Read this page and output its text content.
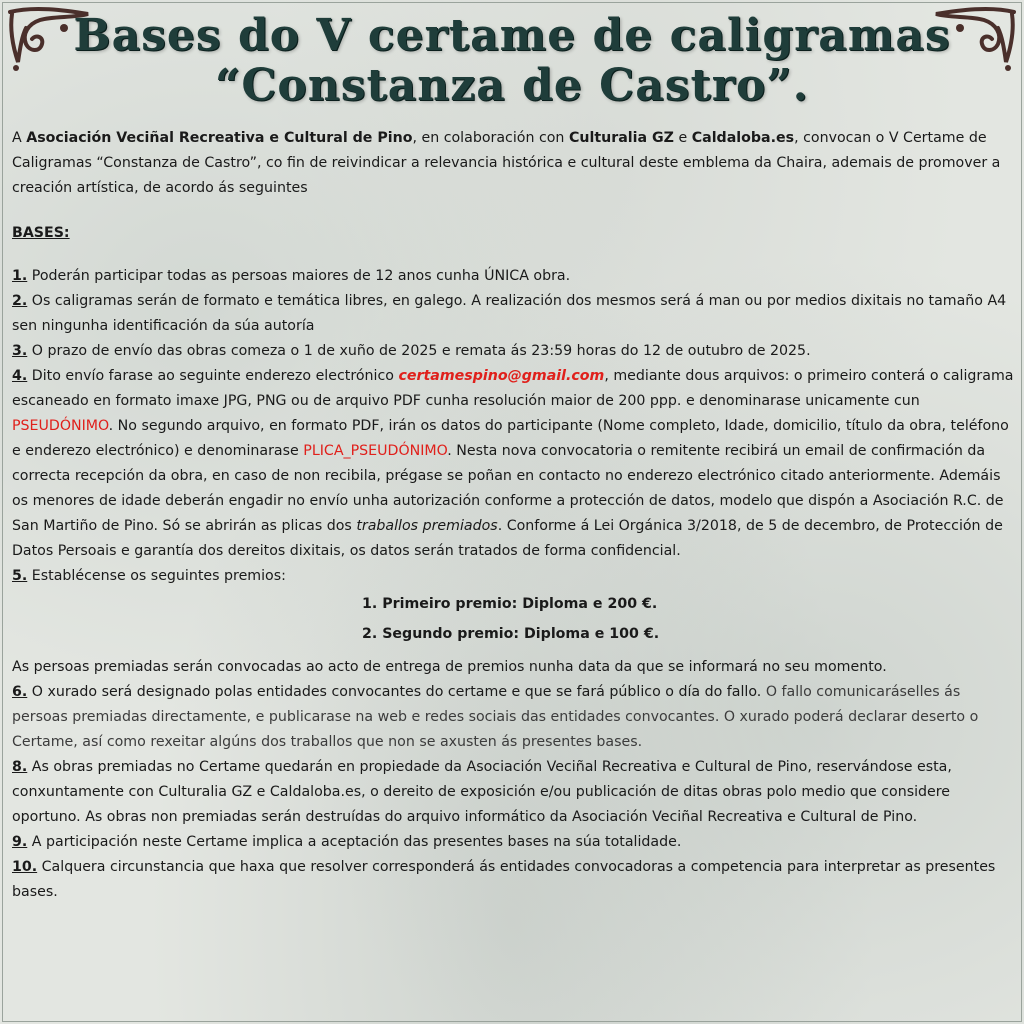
Bases do V certame de caligramas
“Constanza de Castro”.

A Asociación Veciñal Recreativa e Cultural de Pino, en colaboración con Culturalia GZ e Caldaloba.es, convocan o V Certame de Caligramas “Constanza de Castro”, co fin de reivindicar a relevancia histórica e cultural deste emblema da Chaira, ademais de promover a creación artística, de acordo ás seguintes

BASES:

1. Poderán participar todas as persoas maiores de 12 anos cunha ÚNICA obra.

2. Os caligramas serán de formato e temática libres, en galego. A realización dos mesmos será á man ou por medios dixitais no tamaño A4 sen ningunha identificación da súa autoría

3. O prazo de envío das obras comeza o 1 de xuño de 2025 e remata ás 23:59 horas do 12 de outubro de 2025.

4. Dito envío farase ao seguinte enderezo electrónico certamespino@gmail.com, mediante dous arquivos: o primeiro conterá o caligrama escaneado en formato imaxe JPG, PNG ou de arquivo PDF cunha resolución maior de 200 ppp. e denominarase unicamente cun PSEUDÓNIMO. No segundo arquivo, en formato PDF, irán os datos do participante (Nome completo, Idade, domicilio, título da obra, teléfono e enderezo electrónico) e denominarase PLICA_PSEUDÓNIMO. Nesta nova convocatoria o remitente recibirá un email de confirmación da correcta recepción da obra, en caso de non recibila, prégase se poñan en contacto no enderezo electrónico citado anteriormente. Ademáis os menores de idade deberán engadir no envío unha autorización conforme a protección de datos, modelo que dispón a Asociación R.C. de San Martiño de Pino. Só se abrirán as plicas dos traballos premiados. Conforme á Lei Orgánica 3/2018, de 5 de decembro, de Protección de Datos Persoais e garantía dos dereitos dixitais, os datos serán tratados de forma confidencial.

5. Establécense os seguintes premios:

1. Primeiro premio: Diploma e 200 €.

2. Segundo premio: Diploma e 100 €.

As persoas premiadas serán convocadas ao acto de entrega de premios nunha data da que se informará no seu momento.

6. O xurado será designado polas entidades convocantes do certame e que se fará público o día do fallo. O fallo comunicaráselles ás persoas premiadas directamente, e publicarase na web e redes sociais das entidades convocantes. O xurado poderá declarar deserto o Certame, así como rexeitar algúns dos traballos que non se axusten ás presentes bases.

8. As obras premiadas no Certame quedarán en propiedade da Asociación Veciñal Recreativa e Cultural de Pino, reservándose esta, conxuntamente con Culturalia GZ e Caldaloba.es, o dereito de exposición e/ou publicación de ditas obras polo medio que considere oportuno. As obras non premiadas serán destruídas do arquivo informático da Asociación Veciñal Recreativa e Cultural de Pino.

9. A participación neste Certame implica a aceptación das presentes bases na súa totalidade.

10. Calquera circunstancia que haxa que resolver corresponderá ás entidades convocadoras a competencia para interpretar as presentes bases.
